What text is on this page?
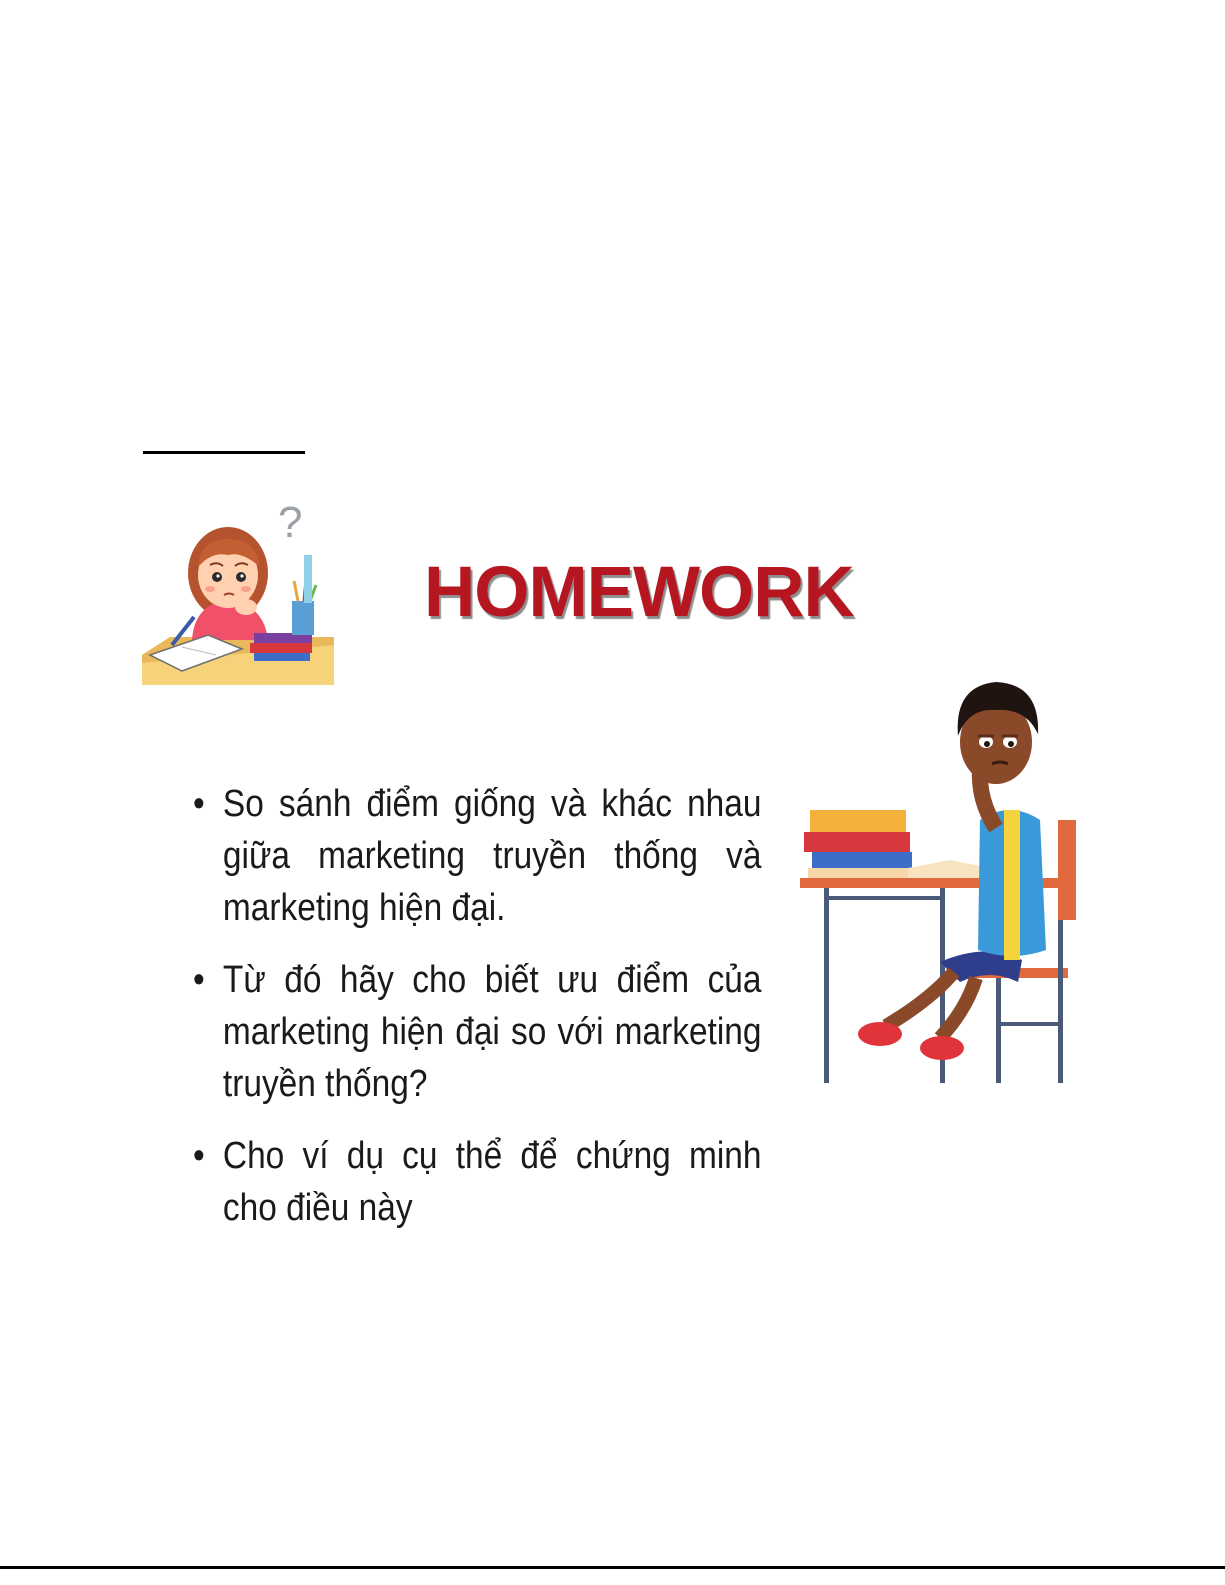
?
HOMEWORK
• So sánh điểm giống và khác nhau giữa marketing truyền thống và marketing hiện đại.
• Từ đó hãy cho biết ưu điểm của marketing hiện đại so với marketing truyền thống?
• Cho ví dụ cụ thể để chứng minh cho điều này
